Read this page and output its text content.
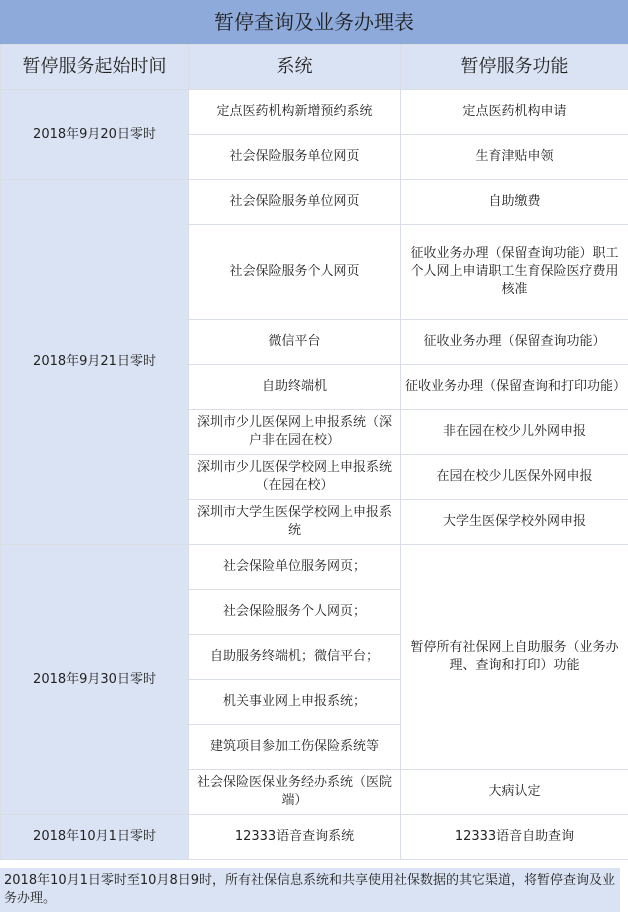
暂停查询及业务办理表
暂停服务起始时间	系统	暂停服务功能
2018年9月20日零时	定点医药机构新增预约系统	定点医药机构申请
	社会保险服务单位网页	生育津贴申领
2018年9月21日零时	社会保险服务单位网页	自助缴费
	社会保险服务个人网页	征收业务办理（保留查询功能）职工个人网上申请职工生育保险医疗费用核准
	微信平台	征收业务办理（保留查询功能）
	自助终端机	征收业务办理（保留查询和打印功能）
	深圳市少儿医保网上申报系统（深户非在园在校）	非在园在校少儿外网申报
	深圳市少儿医保学校网上申报系统（在园在校）	在园在校少儿医保外网申报
	深圳市大学生医保学校网上申报系统	大学生医保学校外网申报
2018年9月30日零时	社会保险单位服务网页；	暂停所有社保网上自助服务（业务办理、查询和打印）功能
	社会保险服务个人网页；	
	自助服务终端机；微信平台；	
	机关事业网上申报系统；	
	建筑项目参加工伤保险系统等	
	社会保险医保业务经办系统（医院端）	大病认定
2018年10月1日零时	12333语音查询系统	12333语音自助查询
2018年10月1日零时至10月8日9时，所有社保信息系统和共享使用社保数据的其它渠道，将暂停查询及业务办理。
